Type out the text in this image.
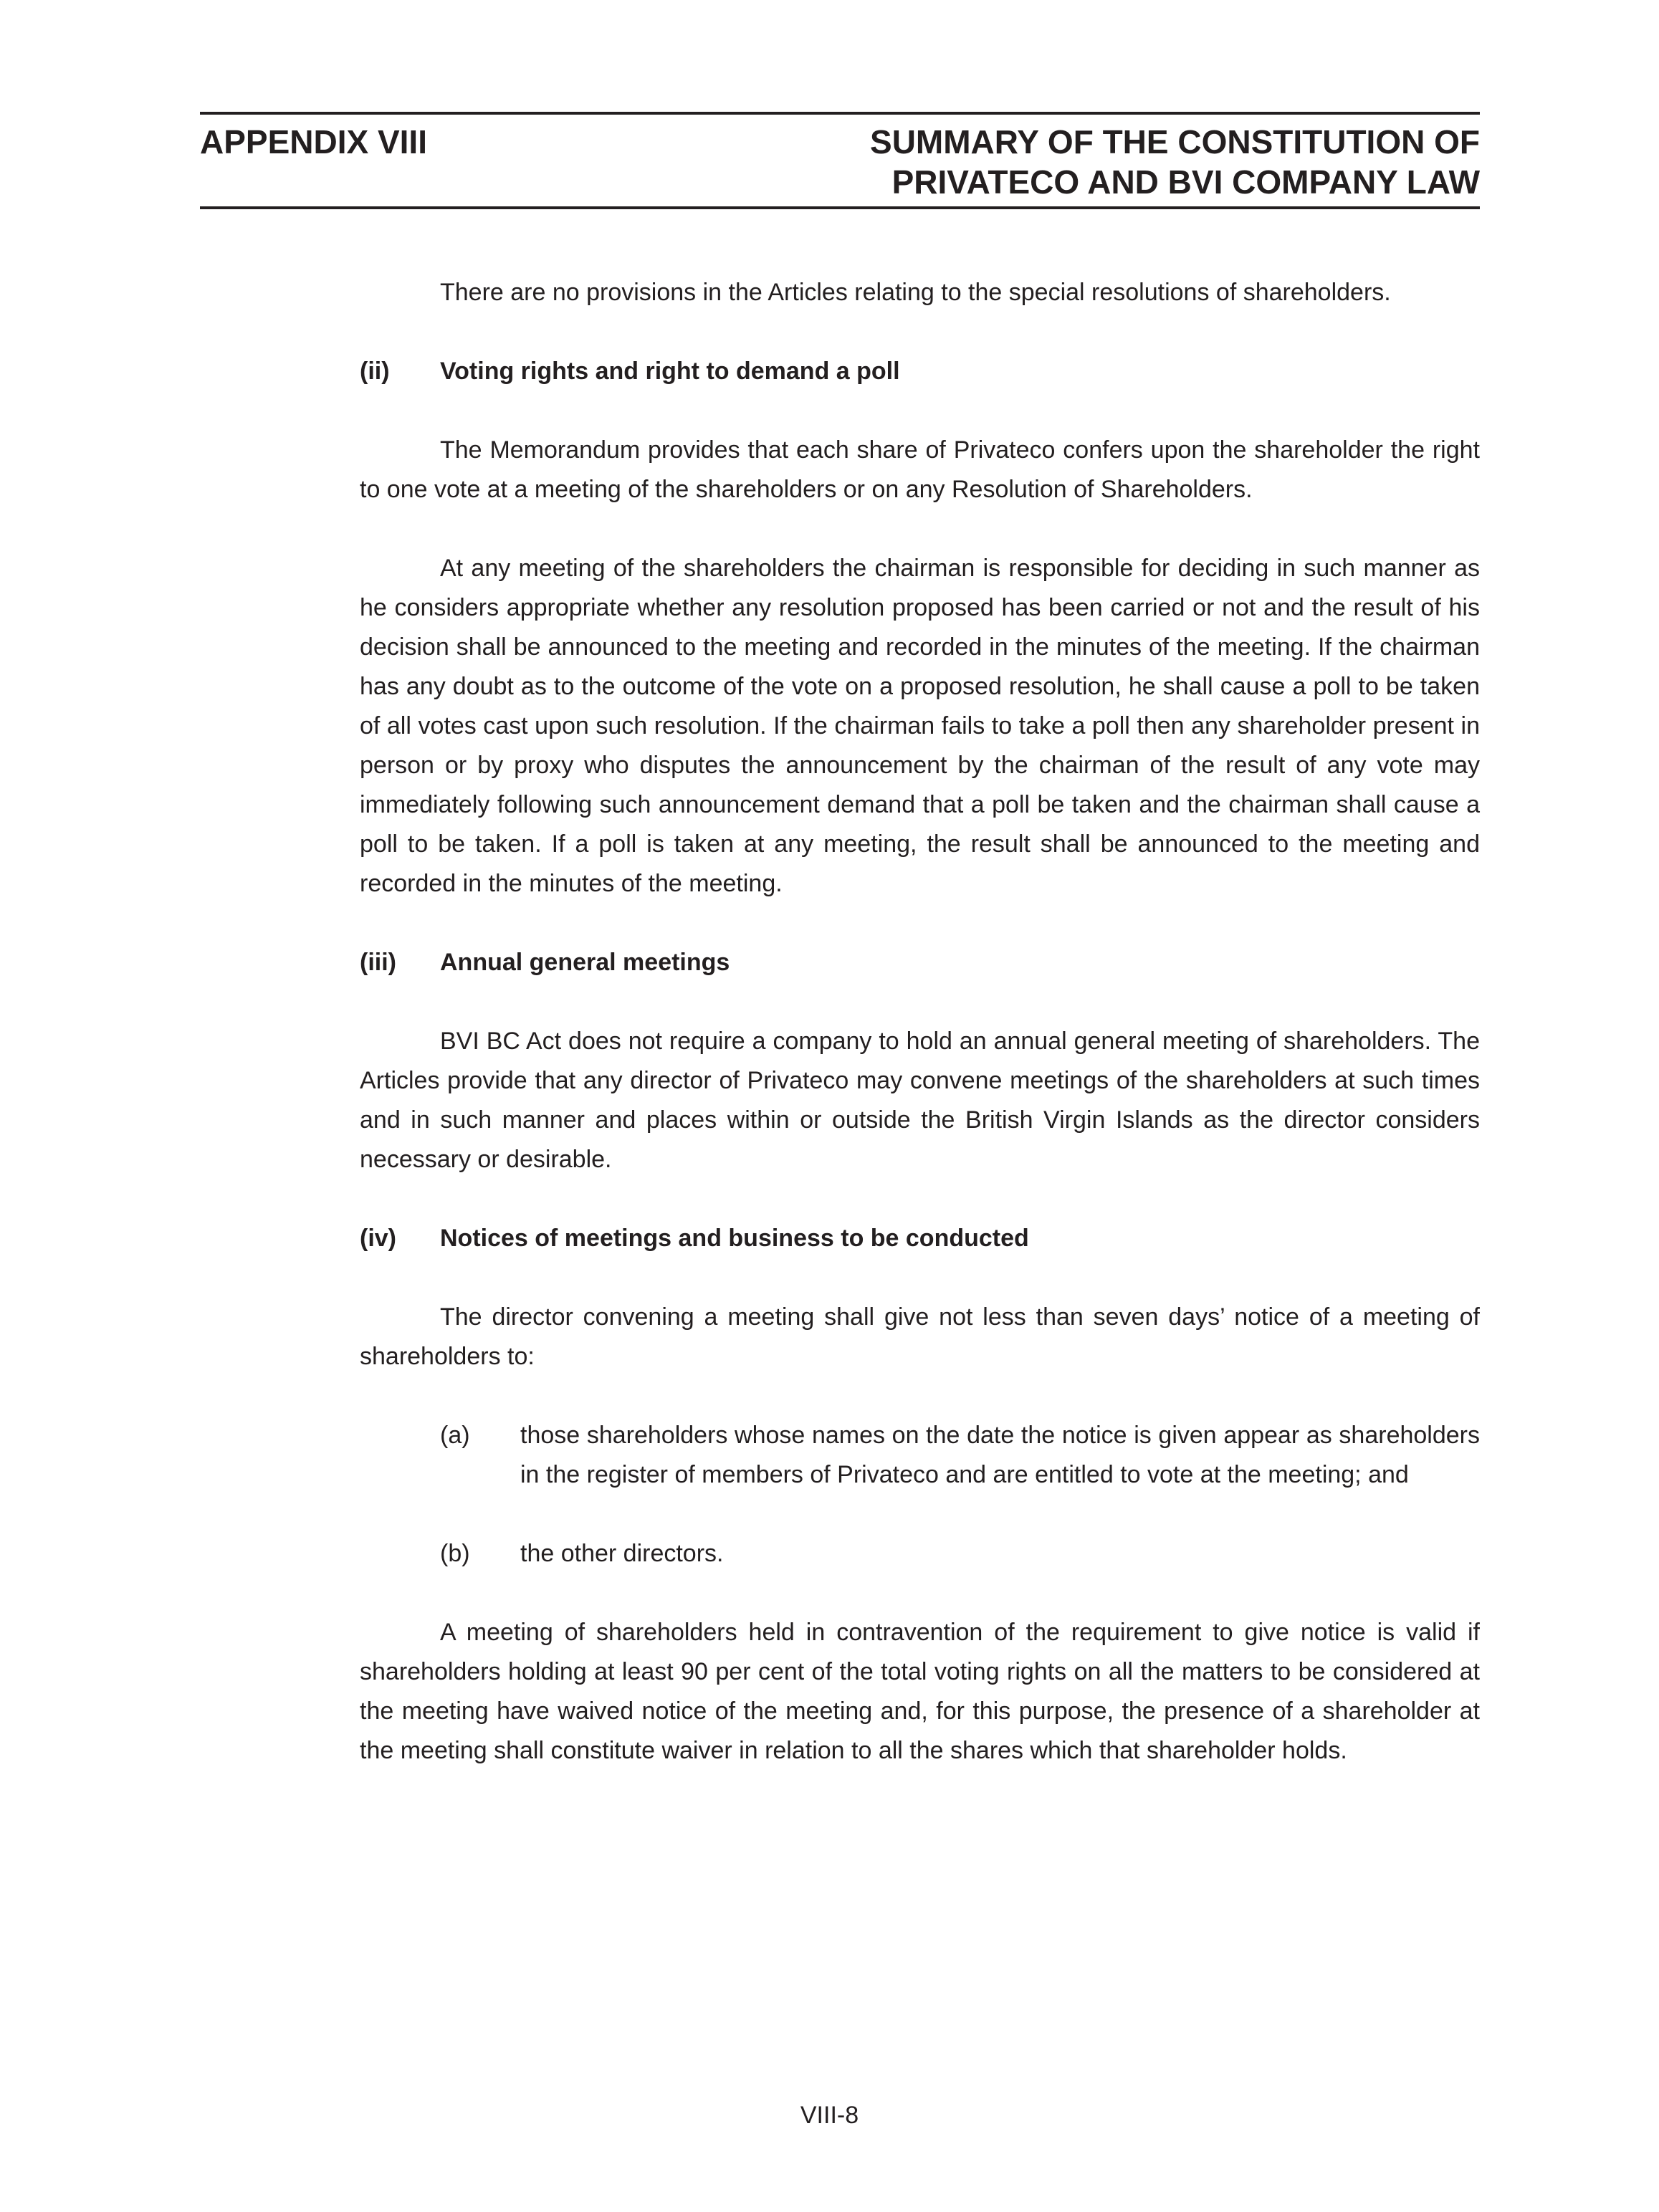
APPENDIX VIII	SUMMARY OF THE CONSTITUTION OF
PRIVATECO AND BVI COMPANY LAW

There are no provisions in the Articles relating to the special resolutions of shareholders.

(ii)	Voting rights and right to demand a poll

The Memorandum provides that each share of Privateco confers upon the shareholder the right to one vote at a meeting of the shareholders or on any Resolution of Shareholders.

At any meeting of the shareholders the chairman is responsible for deciding in such manner as he considers appropriate whether any resolution proposed has been carried or not and the result of his decision shall be announced to the meeting and recorded in the minutes of the meeting. If the chairman has any doubt as to the outcome of the vote on a proposed resolution, he shall cause a poll to be taken of all votes cast upon such resolution. If the chairman fails to take a poll then any shareholder present in person or by proxy who disputes the announcement by the chairman of the result of any vote may immediately following such announcement demand that a poll be taken and the chairman shall cause a poll to be taken. If a poll is taken at any meeting, the result shall be announced to the meeting and recorded in the minutes of the meeting.

(iii)	Annual general meetings

BVI BC Act does not require a company to hold an annual general meeting of shareholders. The Articles provide that any director of Privateco may convene meetings of the shareholders at such times and in such manner and places within or outside the British Virgin Islands as the director considers necessary or desirable.

(iv)	Notices of meetings and business to be conducted

The director convening a meeting shall give not less than seven days’ notice of a meeting of shareholders to:

(a)	those shareholders whose names on the date the notice is given appear as shareholders in the register of members of Privateco and are entitled to vote at the meeting; and
(b)	the other directors.

A meeting of shareholders held in contravention of the requirement to give notice is valid if shareholders holding at least 90 per cent of the total voting rights on all the matters to be considered at the meeting have waived notice of the meeting and, for this purpose, the presence of a shareholder at the meeting shall constitute waiver in relation to all the shares which that shareholder holds.

VIII-8
